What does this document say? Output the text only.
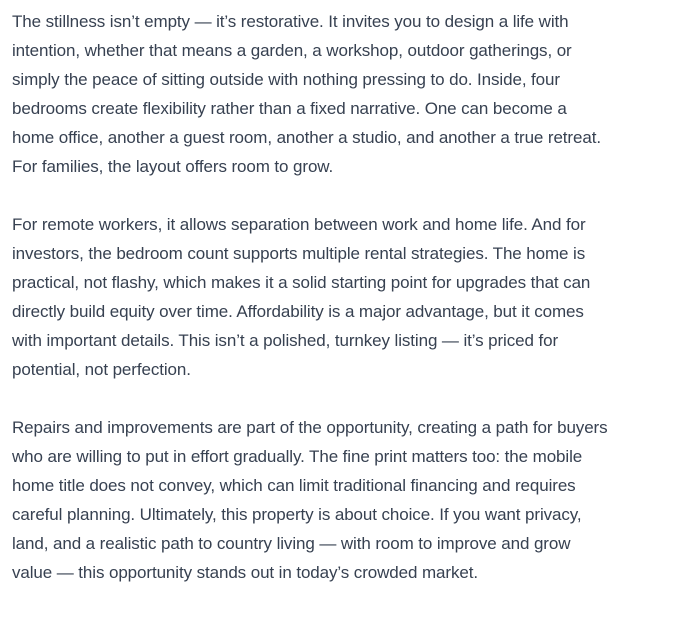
The stillness isn’t empty — it’s restorative. It invites you to design a life with
intention, whether that means a garden, a workshop, outdoor gatherings, or
simply the peace of sitting outside with nothing pressing to do. Inside, four
bedrooms create flexibility rather than a fixed narrative. One can become a
home office, another a guest room, another a studio, and another a true retreat.
For families, the layout offers room to grow.

For remote workers, it allows separation between work and home life. And for
investors, the bedroom count supports multiple rental strategies. The home is
practical, not flashy, which makes it a solid starting point for upgrades that can
directly build equity over time. Affordability is a major advantage, but it comes
with important details. This isn’t a polished, turnkey listing — it’s priced for
potential, not perfection.

Repairs and improvements are part of the opportunity, creating a path for buyers
who are willing to put in effort gradually. The fine print matters too: the mobile
home title does not convey, which can limit traditional financing and requires
careful planning. Ultimately, this property is about choice. If you want privacy,
land, and a realistic path to country living — with room to improve and grow
value — this opportunity stands out in today’s crowded market.
